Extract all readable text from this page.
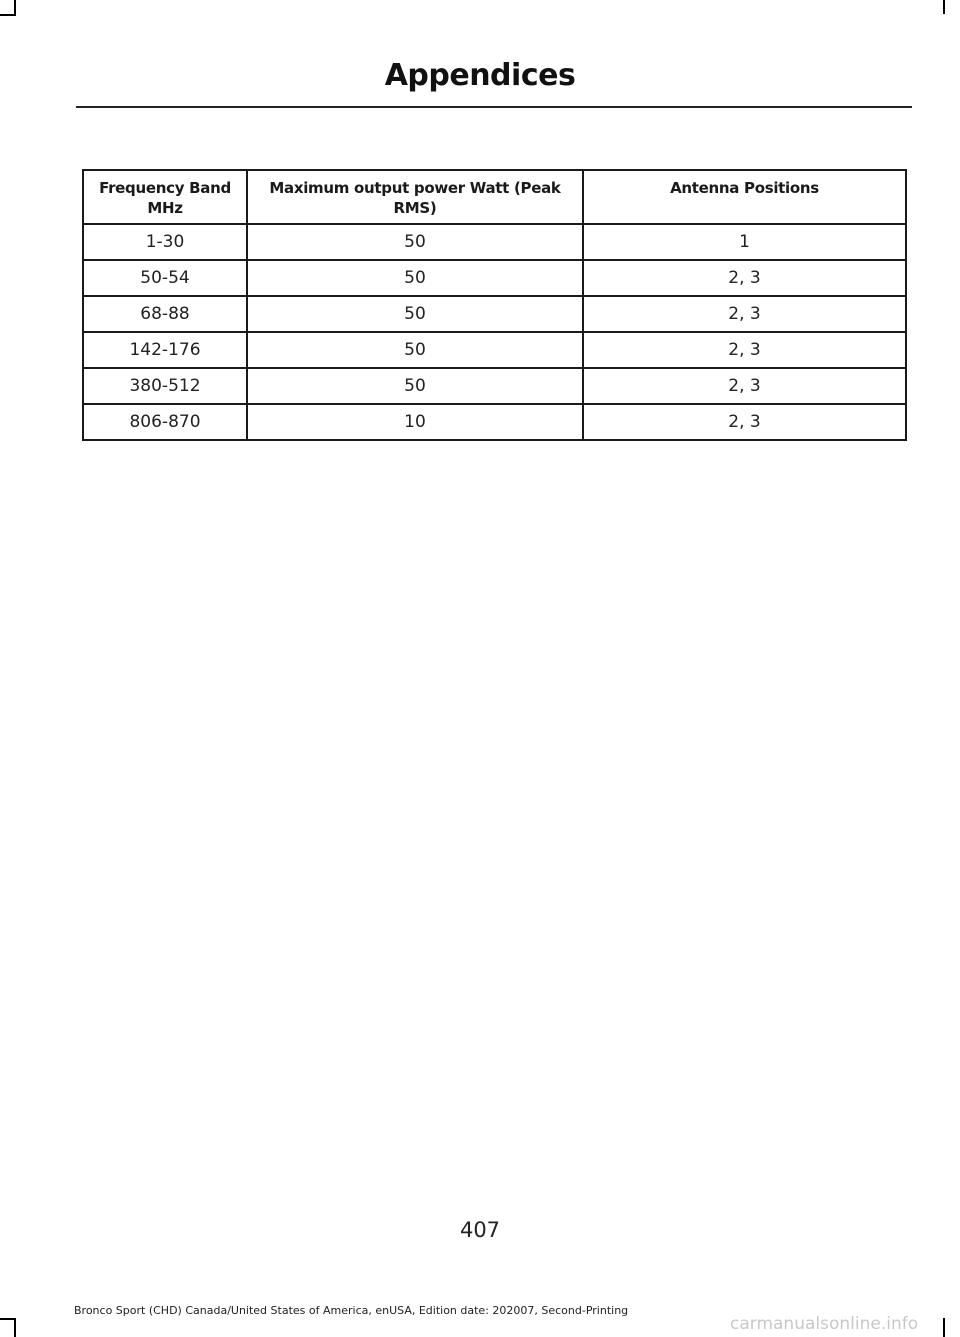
Appendices
Frequency Band MHz	Maximum output power Watt (Peak RMS)	Antenna Positions
1-30	50	1
50-54	50	2, 3
68-88	50	2, 3
142-176	50	2, 3
380-512	50	2, 3
806-870	10	2, 3
407
Bronco Sport (CHD) Canada/United States of America, enUSA, Edition date: 202007, Second-Printing
carmanualsonline.info
